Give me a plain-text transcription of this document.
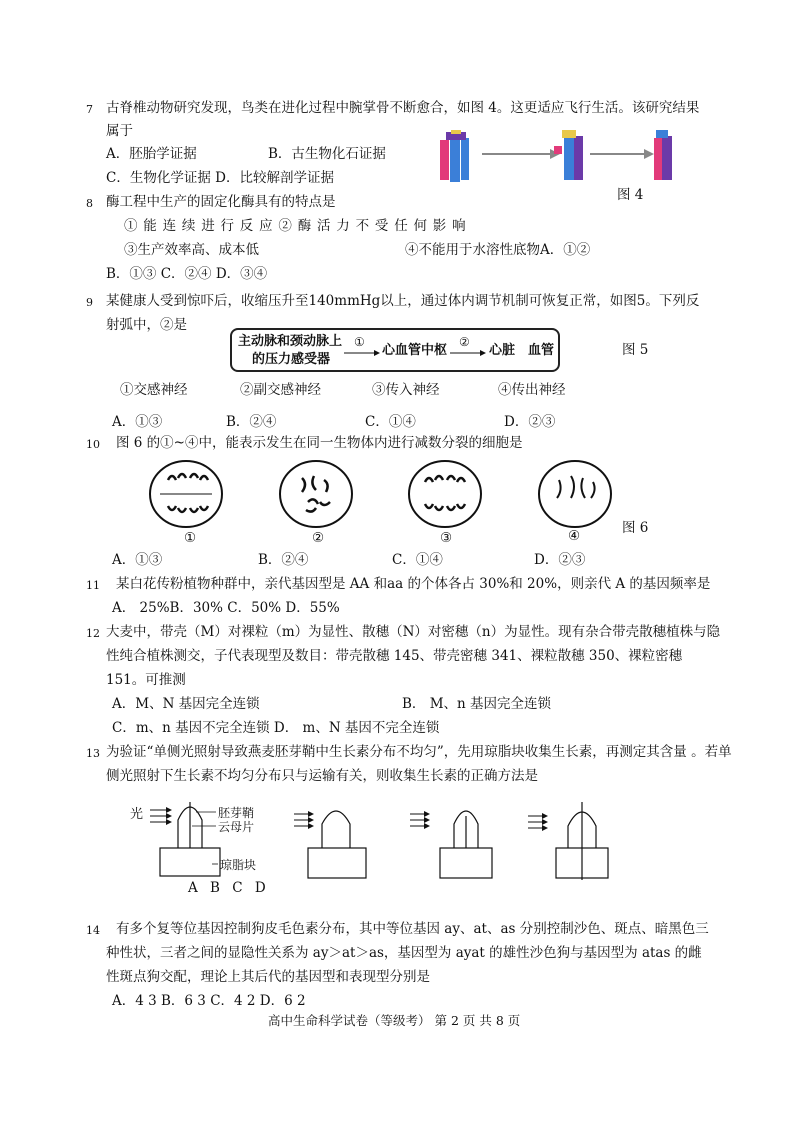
7 古脊椎动物研究发现，鸟类在进化过程中腕掌骨不断愈合，如图 4。这更适应飞行生活。该研究结果
属于
A．胚胎学证据	B．古生物化石证据
C．生物化学证据 D．比较解剖学证据
图 4
8 酶工程中生产的固定化酶具有的特点是
①能连续进行反应②酶活力不受任何影响
③生产效率高、成本低	④不能用于水溶性底物A．①②
B．①③ C．②④ D．③④
9 某健康人受到惊吓后，收缩压升至140mmHg以上，通过体内调节机制可恢复正常，如图5。下列反
射弧中，②是
主动脉和颈动脉上
的压力感受器
①
心血管中枢
②
心脏 血管	图 5
①交感神经	②副交感神经	③传入神经	④传出神经
A．①③	B．②④	C．①④	D．②③
10 图 6 的①~④中，能表示发生在同一生物体内进行减数分裂的细胞是
①	②	③	④	图 6
A．①③	B．②④	C．①④	D．②③
11 某白花传粉植物种群中，亲代基因型是 AA 和aa 的个体各占 30%和 20%，则亲代 A 的基因频率是
A． 25%B．30% C．50% D．55%
12 大麦中，带壳（M）对裸粒（m）为显性、散穗（N）对密穗（n）为显性。现有杂合带壳散穗植株与隐
性纯合植株测交，子代表现型及数目：带壳散穗 145、带壳密穗 341、裸粒散穗 350、裸粒密穗
151。可推测
A．M、N 基因完全连锁	B． M、n 基因完全连锁
C．m、n 基因不完全连锁 D． m、N 基因不完全连锁
13 为验证“单侧光照射导致燕麦胚芽鞘中生长素分布不均匀”，先用琼脂块收集生长素，再测定其含量 。若单
侧光照射下生长素不均匀分布只与运输有关，则收集生长素的正确方法是
光	胚芽鞘
云母片
琼脂块
A B C D
14 有多个复等位基因控制狗皮毛色素分布，其中等位基因 ay、at、as 分别控制沙色、斑点、暗黑色三
种性状，三者之间的显隐性关系为 ay＞at＞as，基因型为 ayat 的雄性沙色狗与基因型为 atas 的雌
性斑点狗交配，理论上其后代的基因型和表现型分别是
A．4 3 B．6 3 C．4 2 D．6 2
高中生命科学试卷（等级考） 第 2 页 共 8 页
